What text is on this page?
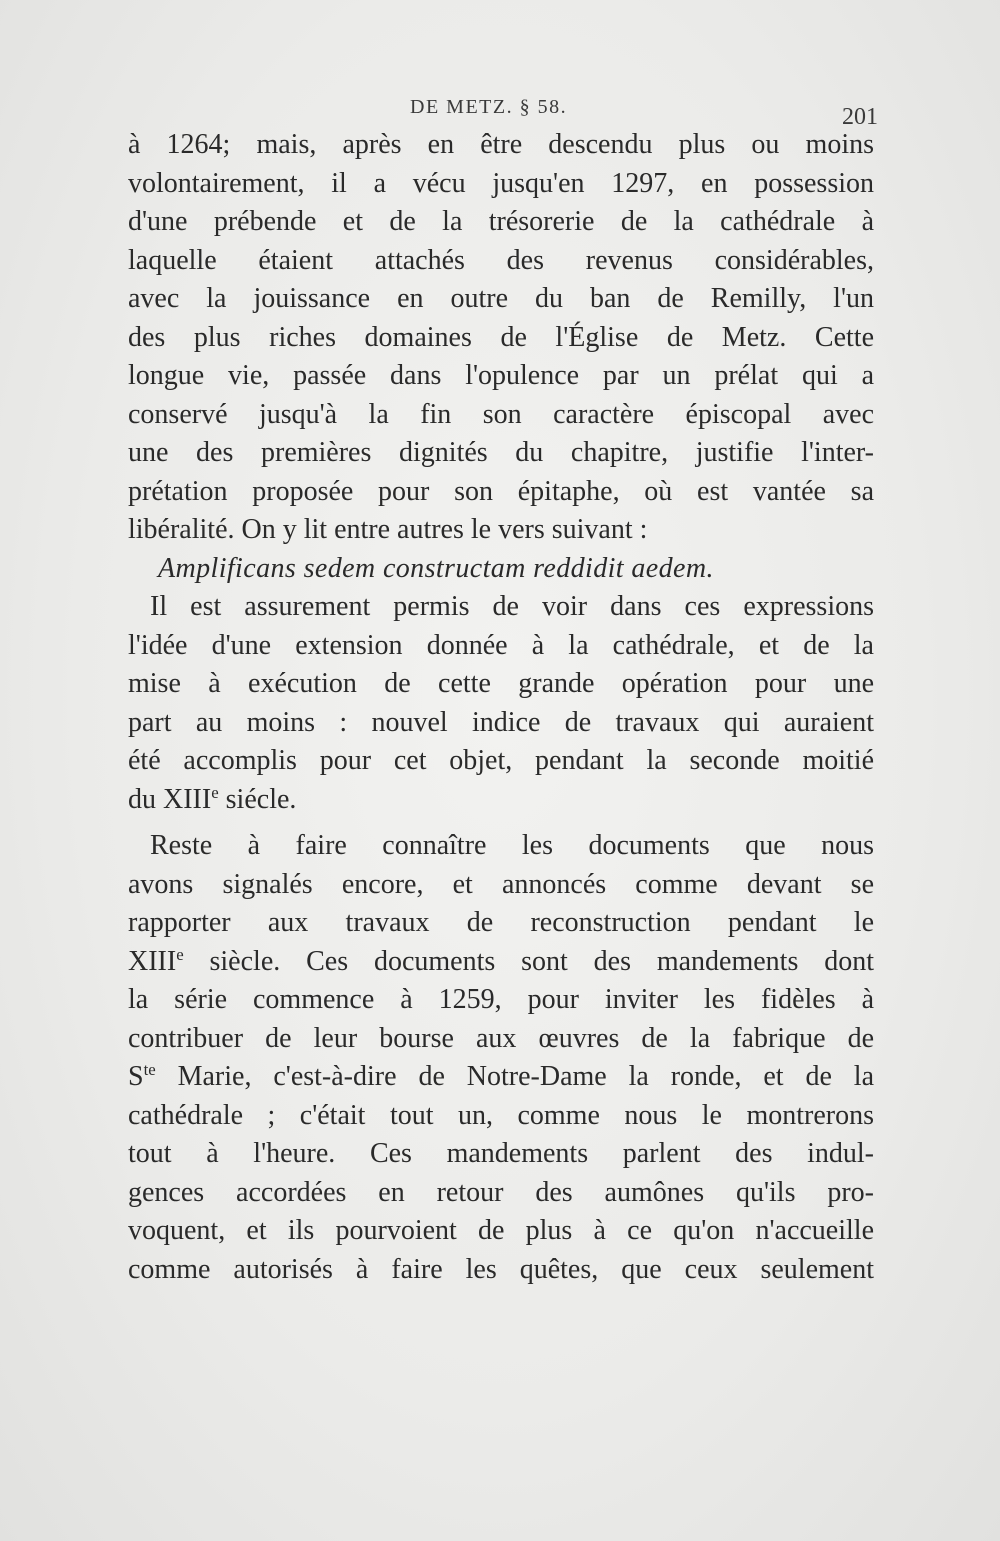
DE METZ. § 58.	201
à 1264; mais, après en être descendu plus ou moins
volontairement, il a vécu jusqu'en 1297, en possession
d'une prébende et de la trésorerie de la cathédrale à
laquelle étaient attachés des revenus considérables,
avec la jouissance en outre du ban de Remilly, l'un
des plus riches domaines de l'Église de Metz. Cette
longue vie, passée dans l'opulence par un prélat qui a
conservé jusqu'à la fin son caractère épiscopal avec
une des premières dignités du chapitre, justifie l'inter-
prétation proposée pour son épitaphe, où est vantée sa
libéralité. On y lit entre autres le vers suivant :
Amplificans sedem constructam reddidit aedem.
Il est assurement permis de voir dans ces expressions
l'idée d'une extension donnée à la cathédrale, et de la
mise à exécution de cette grande opération pour une
part au moins : nouvel indice de travaux qui auraient
été accomplis pour cet objet, pendant la seconde moitié
du XIIIe siécle.
Reste à faire connaître les documents que nous
avons signalés encore, et annoncés comme devant se
rapporter aux travaux de reconstruction pendant le
XIIIe siècle. Ces documents sont des mandements dont
la série commence à 1259, pour inviter les fidèles à
contribuer de leur bourse aux œuvres de la fabrique de
$S^{te}$ Marie, c'est-à-dire de Notre-Dame la ronde, et de la
cathédrale ; c'était tout un, comme nous le montrerons
tout à l'heure. Ces mandements parlent des indul-
gences accordées en retour des aumônes qu'ils pro-
voquent, et ils pourvoient de plus à ce qu'on n'accueille
comme autorisés à faire les quêtes, que ceux seulement
